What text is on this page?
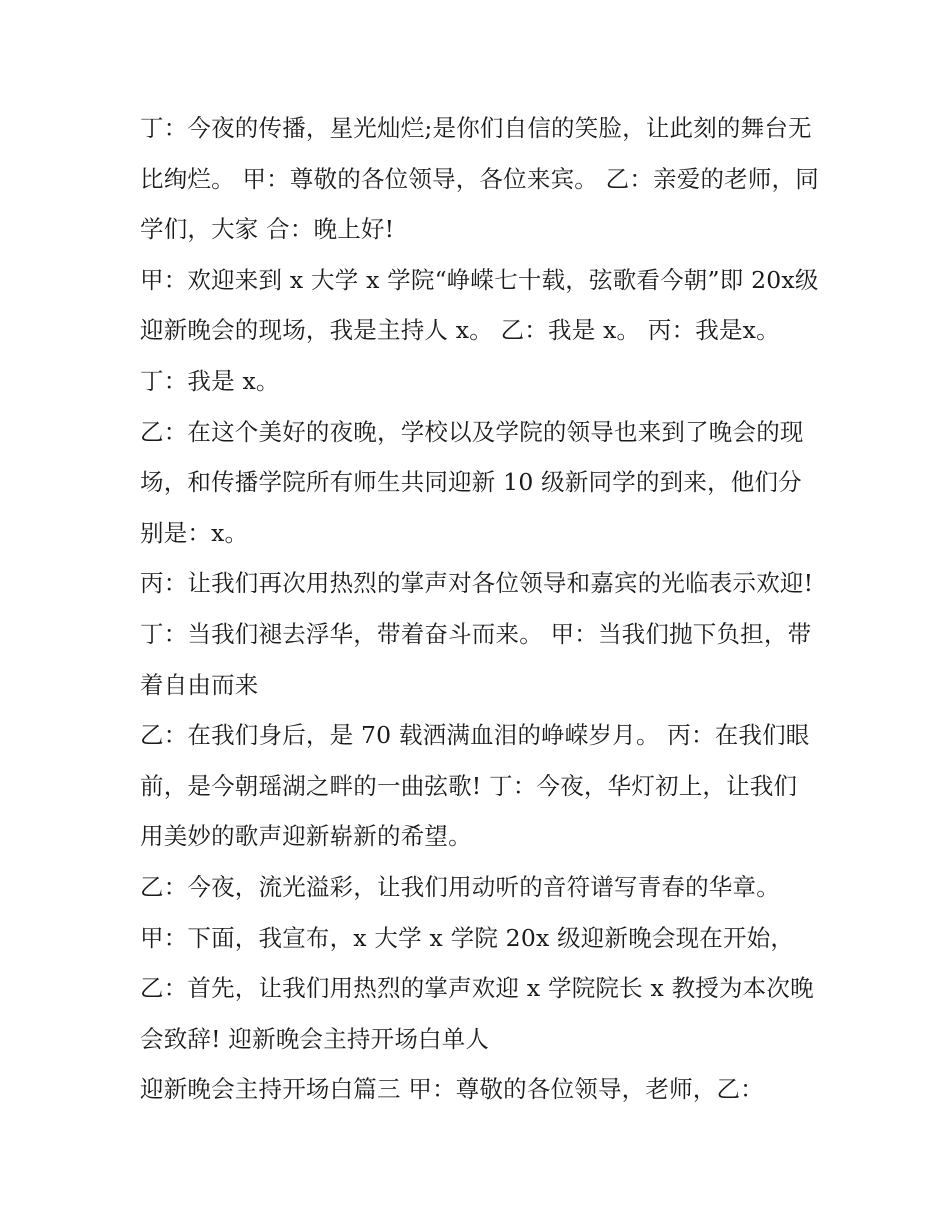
丁：今夜的传播，星光灿烂;是你们自信的笑脸，让此刻的舞台无比绚烂。 甲：尊敬的各位领导，各位来宾。 乙：亲爱的老师，同学们，大家 合：晚上好!

甲：欢迎来到 x 大学 x 学院“峥嵘七十载，弦歌看今朝”即 20x级迎新晚会的现场，我是主持人 x。 乙：我是 x。 丙：我是x。 丁：我是 x。

乙：在这个美好的夜晚，学校以及学院的领导也来到了晚会的现场，和传播学院所有师生共同迎新 10 级新同学的到来，他们分别是：x。

丙：让我们再次用热烈的掌声对各位领导和嘉宾的光临表示欢迎! 丁：当我们褪去浮华，带着奋斗而来。 甲：当我们抛下负担，带着自由而来

乙：在我们身后，是 70 载洒满血泪的峥嵘岁月。 丙：在我们眼前，是今朝瑶湖之畔的一曲弦歌! 丁：今夜，华灯初上，让我们用美妙的歌声迎新崭新的希望。

乙：今夜，流光溢彩，让我们用动听的音符谱写青春的华章。

甲：下面，我宣布，x 大学 x 学院 20x 级迎新晚会现在开始，

乙：首先，让我们用热烈的掌声欢迎 x 学院院长 x 教授为本次晚会致辞! 迎新晚会主持开场白单人

迎新晚会主持开场白篇三 甲：尊敬的各位领导，老师，乙：
